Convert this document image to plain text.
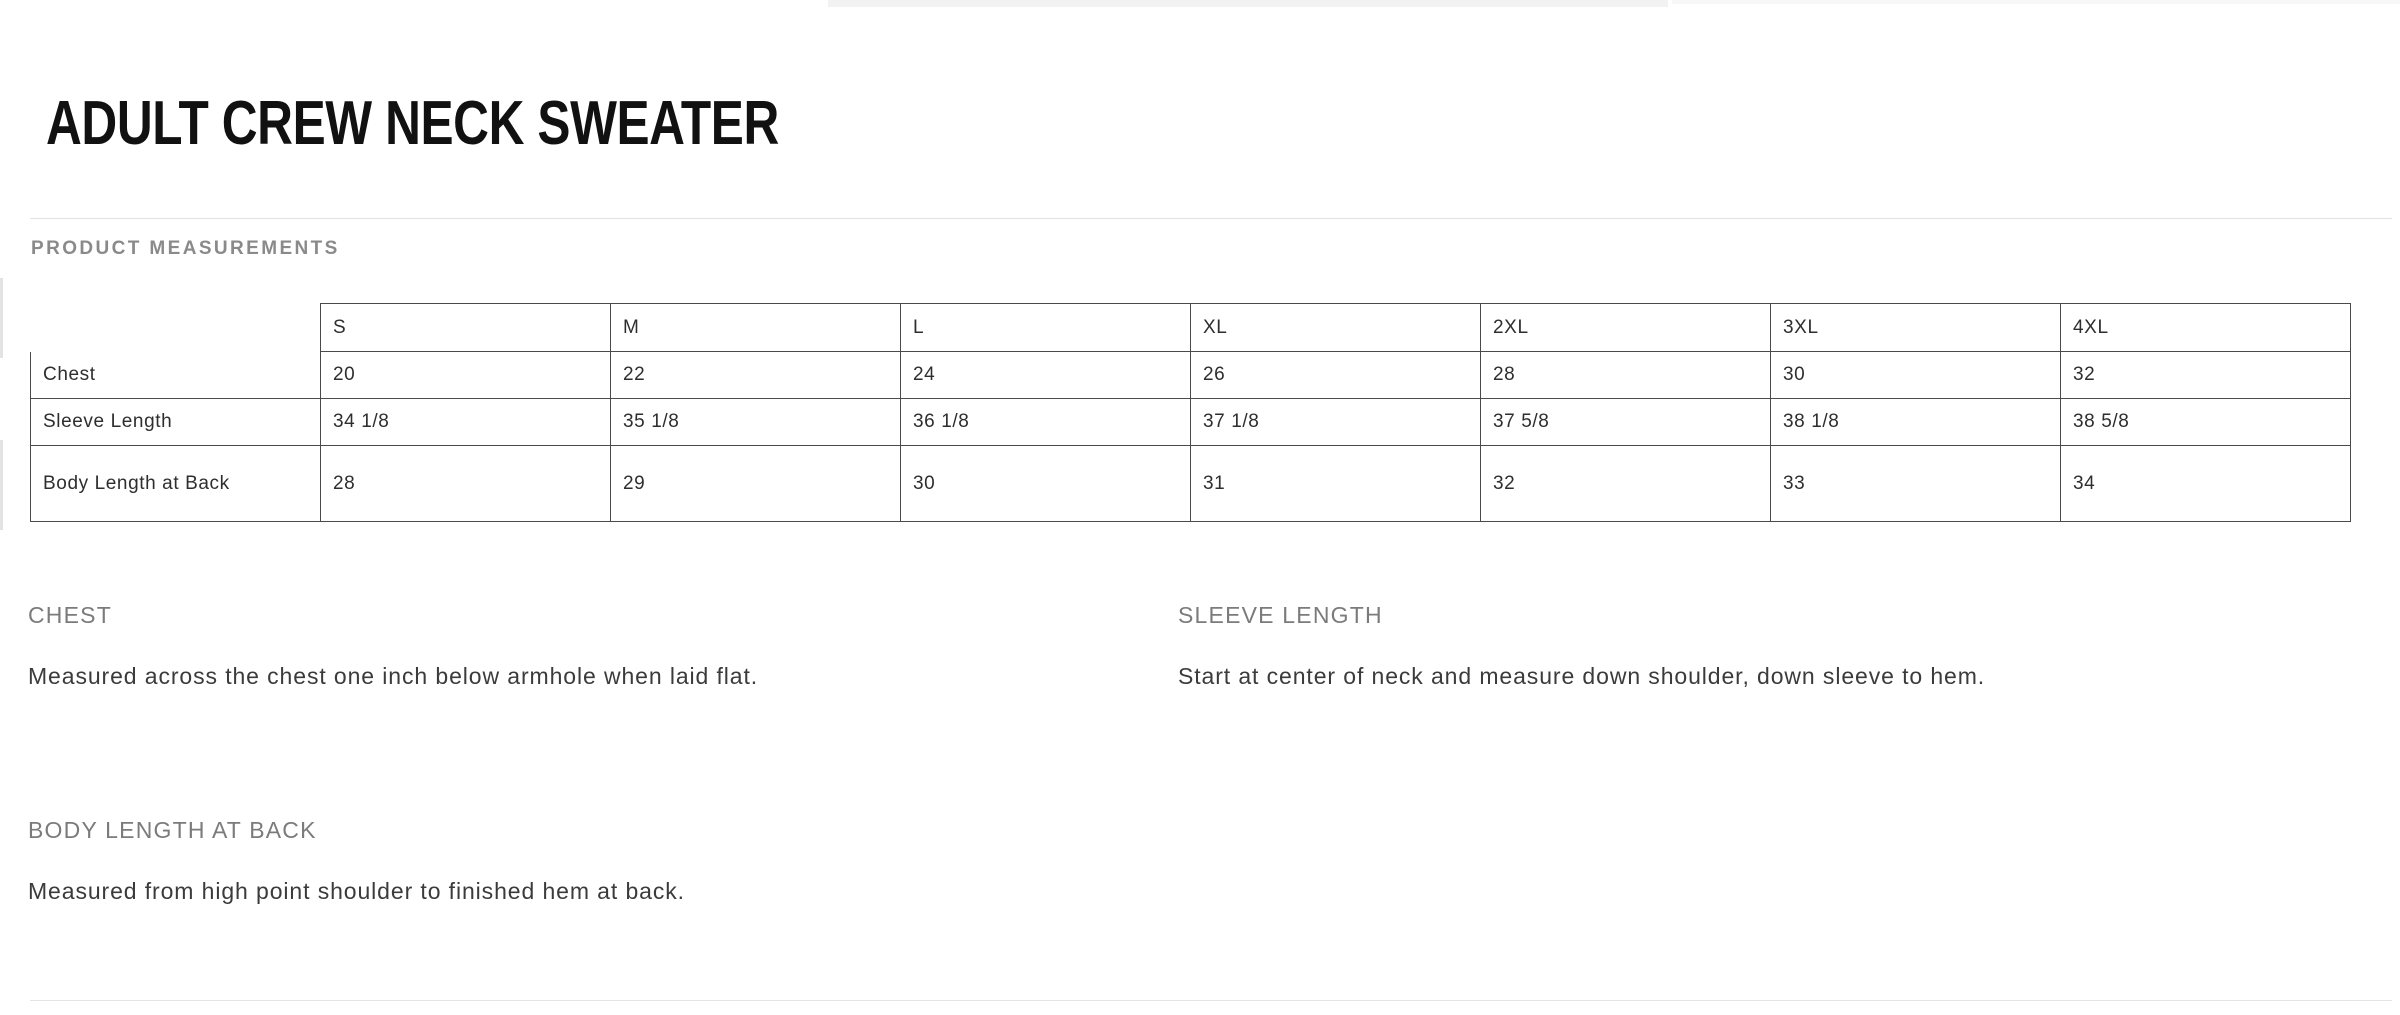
ADULT CREW NECK SWEATER
PRODUCT MEASUREMENTS
	S	M	L	XL	2XL	3XL	4XL
Chest	20	22	24	26	28	30	32
Sleeve Length	34 1/8	35 1/8	36 1/8	37 1/8	37 5/8	38 1/8	38 5/8
Body Length at Back	28	29	30	31	32	33	34
CHEST
Measured across the chest one inch below armhole when laid flat.
SLEEVE LENGTH
Start at center of neck and measure down shoulder, down sleeve to hem.
BODY LENGTH AT BACK
Measured from high point shoulder to finished hem at back.
